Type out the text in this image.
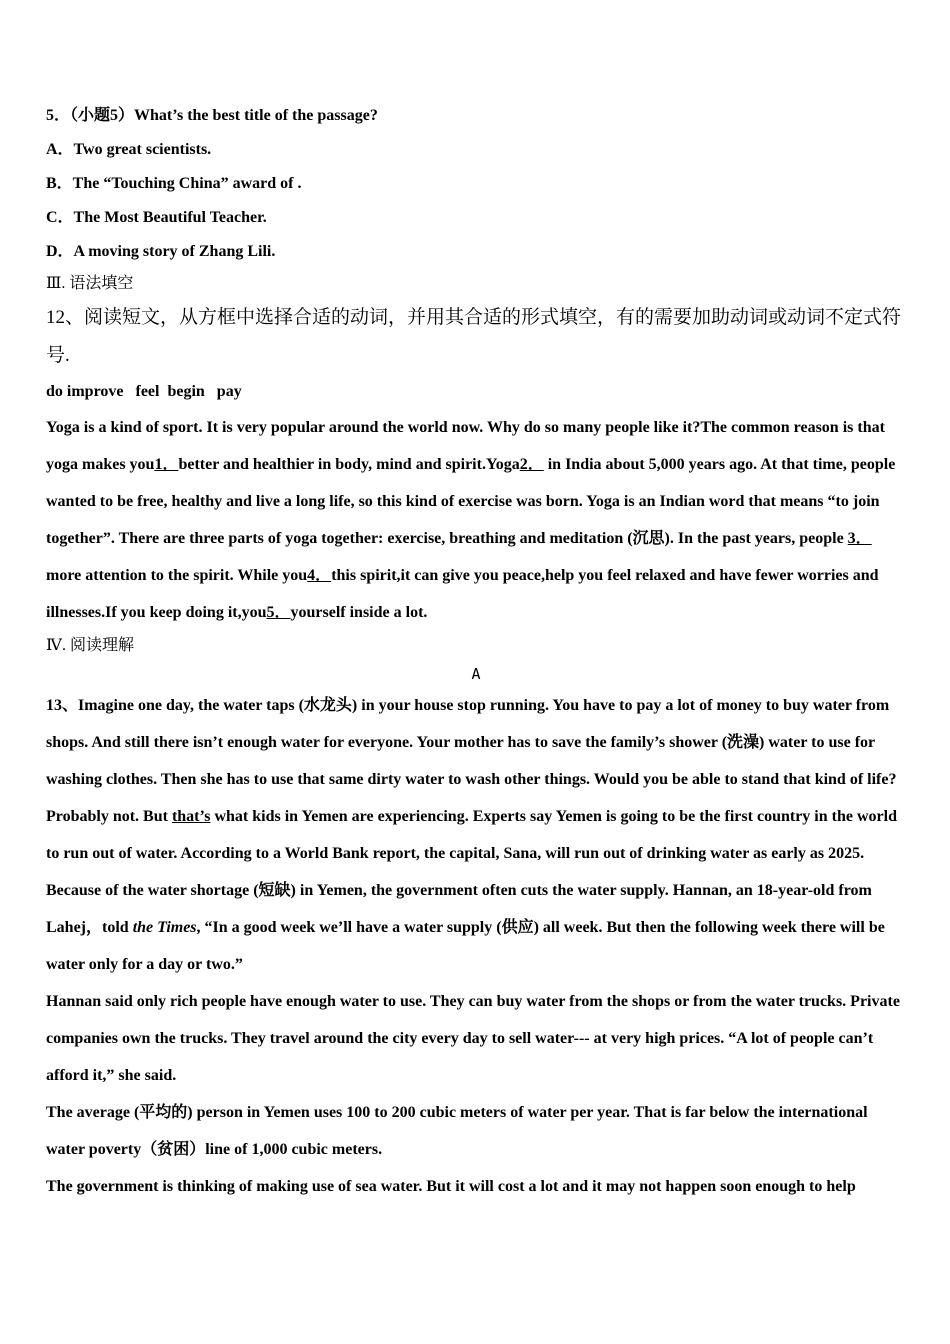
5．（小题5）What’s the best title of the passage?

A．Two great scientists.

B．The “Touching China” award of .

C．The Most Beautiful Teacher.

D．A moving story of Zhang Lili.

Ⅲ. 语法填空

12、阅读短文，从方框中选择合适的动词，并用其合适的形式填空，有的需要加助动词或动词不定式符号.

do improve   feel  begin   pay

Yoga is a kind of sport. It is very popular around the world now. Why do so many people like it?The common reason is that yoga makes you1．better and healthier in body, mind and spirit.Yoga2． in India about 5,000 years ago. At that time, people wanted to be free, healthy and live a long life, so this kind of exercise was born. Yoga is an Indian word that means “to join together”. There are three parts of yoga together: exercise, breathing and meditation (沉思). In the past years, people 3． more attention to the spirit. While you4．this spirit,it can give you peace,help you feel relaxed and have fewer worries and illnesses.If you keep doing it,you5．yourself inside a lot.

Ⅳ. 阅读理解

A

13、Imagine one day, the water taps (水龙头) in your house stop running. You have to pay a lot of money to buy water from shops. And still there isn’t enough water for everyone. Your mother has to save the family’s shower (洗澡) water to use for washing clothes. Then she has to use that same dirty water to wash other things. Would you be able to stand that kind of life?

Probably not. But that’s what kids in Yemen are experiencing. Experts say Yemen is going to be the first country in the world to run out of water. According to a World Bank report, the capital, Sana, will run out of drinking water as early as 2025.

Because of the water shortage (短缺) in Yemen, the government often cuts the water supply. Hannan, an 18-year-old from Lahej，told the Times, “In a good week we’ll have a water supply (供应) all week. But then the following week there will be water only for a day or two.”

Hannan said only rich people have enough water to use. They can buy water from the shops or from the water trucks. Private companies own the trucks. They travel around the city every day to sell water--- at very high prices. “A lot of people can’t afford it,” she said.

The average (平均的) person in Yemen uses 100 to 200 cubic meters of water per year. That is far below the international water poverty（贫困）line of 1,000 cubic meters.

The government is thinking of making use of sea water. But it will cost a lot and it may not happen soon enough to help
